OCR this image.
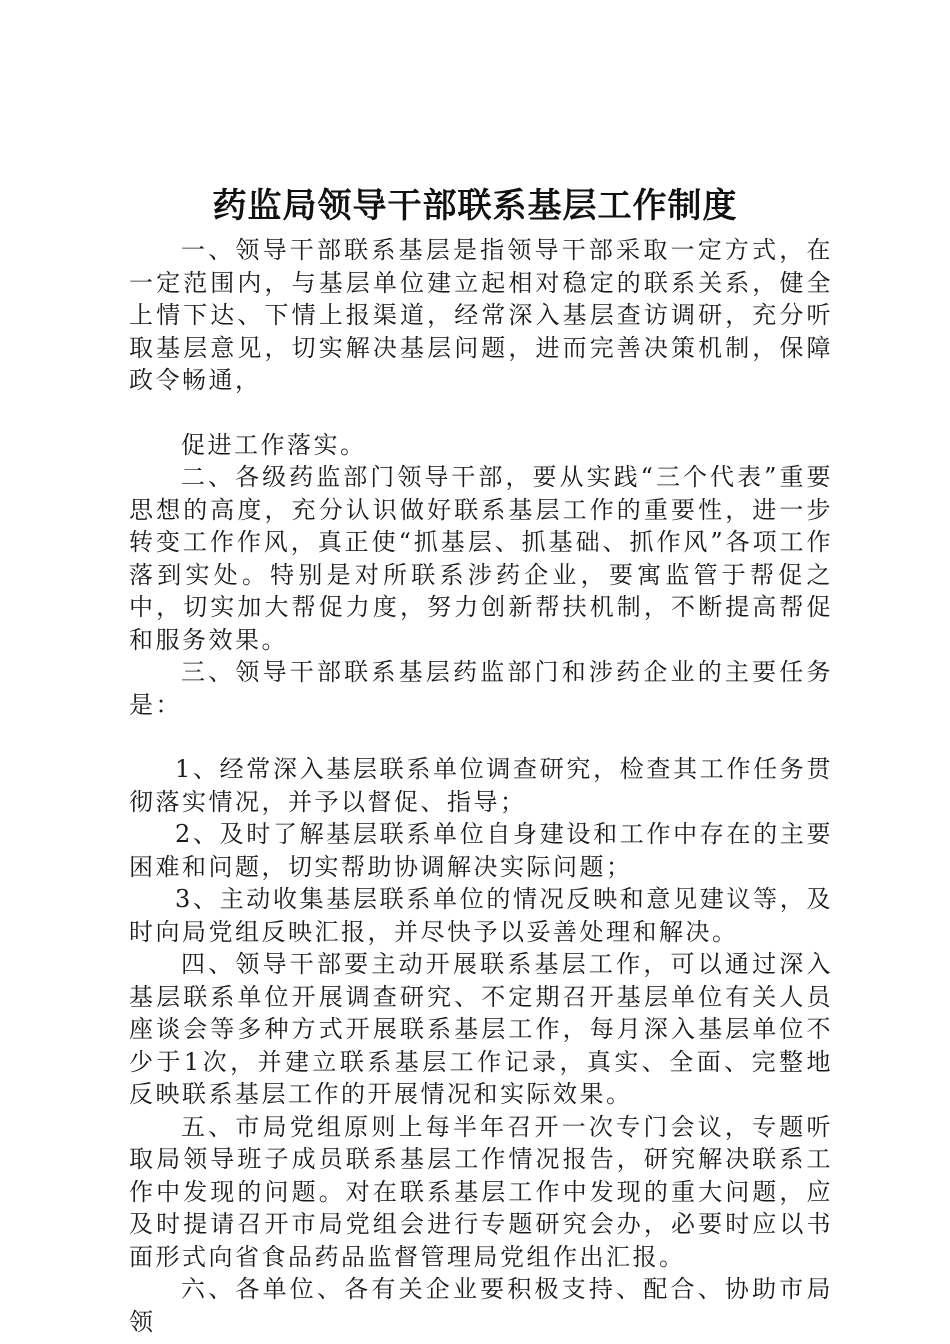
药监局领导干部联系基层工作制度

一、领导干部联系基层是指领导干部采取一定方式，在一定范围内，与基层单位建立起相对稳定的联系关系，健全上情下达、下情上报渠道，经常深入基层查访调研，充分听取基层意见，切实解决基层问题，进而完善决策机制，保障政令畅通，

促进工作落实。

二、各级药监部门领导干部，要从实践“三个代表”重要思想的高度，充分认识做好联系基层工作的重要性，进一步转变工作作风，真正使“抓基层、抓基础、抓作风”各项工作落到实处。特别是对所联系涉药企业，要寓监管于帮促之中，切实加大帮促力度，努力创新帮扶机制，不断提高帮促和服务效果。

三、领导干部联系基层药监部门和涉药企业的主要任务是：

1、经常深入基层联系单位调查研究，检查其工作任务贯彻落实情况，并予以督促、指导；

2、及时了解基层联系单位自身建设和工作中存在的主要困难和问题，切实帮助协调解决实际问题；

3、主动收集基层联系单位的情况反映和意见建议等，及时向局党组反映汇报，并尽快予以妥善处理和解决。

四、领导干部要主动开展联系基层工作，可以通过深入基层联系单位开展调查研究、不定期召开基层单位有关人员座谈会等多种方式开展联系基层工作，每月深入基层单位不少于1次，并建立联系基层工作记录，真实、全面、完整地反映联系基层工作的开展情况和实际效果。

五、市局党组原则上每半年召开一次专门会议，专题听取局领导班子成员联系基层工作情况报告，研究解决联系工作中发现的问题。对在联系基层工作中发现的重大问题，应及时提请召开市局党组会进行专题研究会办，必要时应以书面形式向省食品药品监督管理局党组作出汇报。

六、各单位、各有关企业要积极支持、配合、协助市局领
